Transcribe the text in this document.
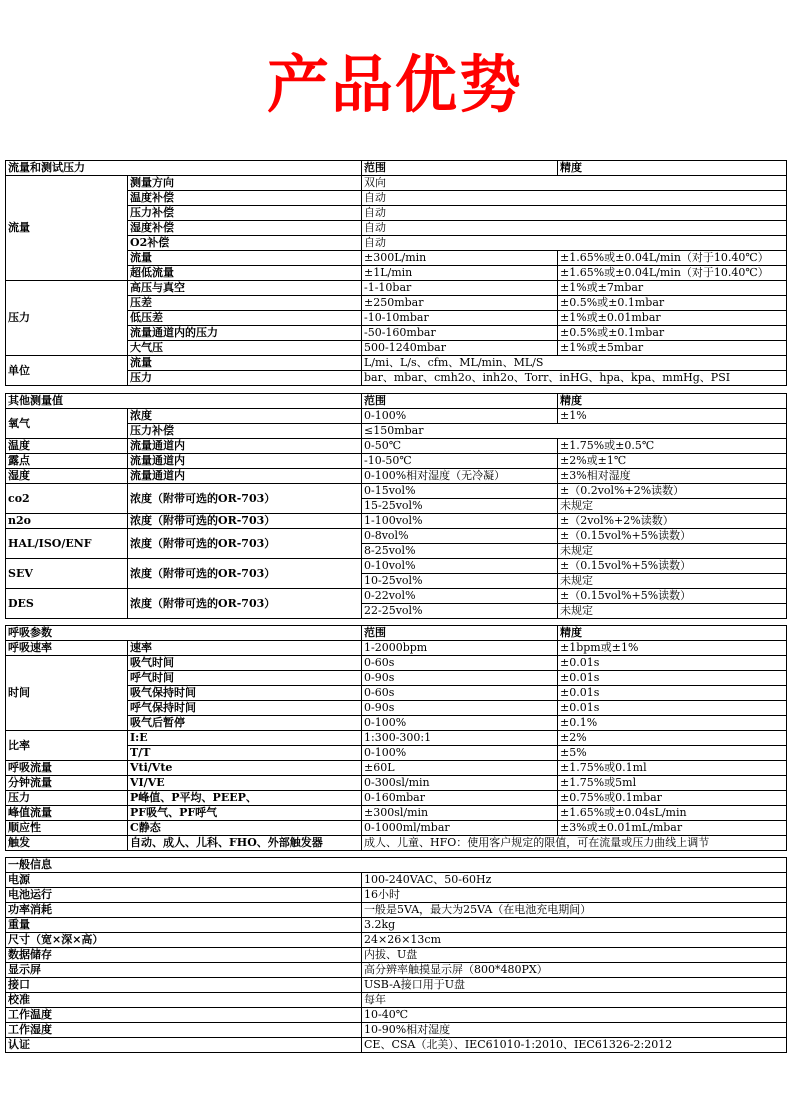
产品优势
流量和测试压力		范围	精度
流量	测量方向	双向	
	温度补偿	自动	
	压力补偿	自动	
	湿度补偿	自动	
	O2补偿	自动	
	流量	±300L/min	±1.65%或±0.04L/min（对于10.40℃）
	超低流量	±1L/min	±1.65%或±0.04L/min（对于10.40℃）
压力	高压与真空	-1-10bar	±1%或±7mbar
	压差	±250mbar	±0.5%或±0.1mbar
	低压差	-10-10mbar	±1%或±0.01mbar
	流量通道内的压力	-50-160mbar	±0.5%或±0.1mbar
	大气压	500-1240mbar	±1%或±5mbar
单位	流量	L/mi、L/s、cfm、ML/min、ML/S	
	压力	bar、mbar、cmh2o、inh2o、Torr、inHG、hpa、kpa、mmHg、PSI	
其他测量值		范围	精度
氧气	浓度	0-100%	±1%
	压力补偿	≤150mbar	
温度	流量通道内	0-50℃	±1.75%或±0.5℃
露点	流量通道内	-10-50℃	±2%或±1℃
湿度	流量通道内	0-100%相对湿度（无冷凝）	±3%相对湿度
co2	浓度（附带可选的OR-703）	0-15vol%	±（0.2vol%+2%读数）
		15-25vol%	未规定
n2o	浓度（附带可选的OR-703）	1-100vol%	±（2vol%+2%读数）
HAL/ISO/ENF	浓度（附带可选的OR-703）	0-8vol%	±（0.15vol%+5%读数）
		8-25vol%	未规定
SEV	浓度（附带可选的OR-703）	0-10vol%	±（0.15vol%+5%读数）
		10-25vol%	未规定
DES	浓度（附带可选的OR-703）	0-22vol%	±（0.15vol%+5%读数）
		22-25vol%	未规定
呼吸参数		范围	精度
呼吸速率	速率	1-2000bpm	±1bpm或±1%
时间	吸气时间	0-60s	±0.01s
	呼气时间	0-90s	±0.01s
	吸气保持时间	0-60s	±0.01s
	呼气保持时间	0-90s	±0.01s
	吸气后暂停	0-100%	±0.1%
比率	I:E	1:300-300:1	±2%
	T/T	0-100%	±5%
呼吸流量	Vti/Vte	±60L	±1.75%或0.1ml
分钟流量	VI/VE	0-300sl/min	±1.75%或5ml
压力	P峰值、P平均、PEEP、	0-160mbar	±0.75%或0.1mbar
峰值流量	PF吸气、PF呼气	±300sl/min	±1.65%或±0.04sL/min
顺应性	C静态	0-1000ml/mbar	±3%或±0.01mL/mbar
触发	自动、成人、儿科、FHO、外部触发器	成人、儿童、HFO：使用客户规定的限值，可在流量或压力曲线上调节	
一般信息	
电源	100-240VAC、50-60Hz
电池运行	16小时
功率消耗	一般是5VA，最大为25VA（在电池充电期间）
重量	3.2kg
尺寸（宽×深×高）	24×26×13cm
数据储存	内拔、U盘
显示屏	高分辨率触摸显示屏（800*480PX）
接口	USB-A接口用于U盘
校准	每年
工作温度	10-40℃
工作湿度	10-90%相对湿度
认证	CE、CSA（北美）、IEC61010-1:2010、IEC61326-2:2012
